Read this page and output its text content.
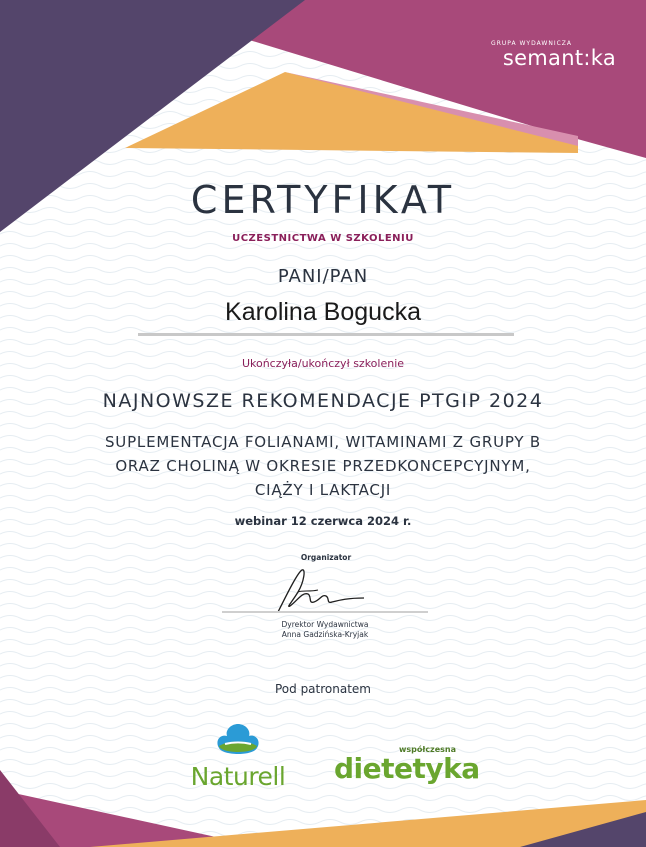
GRUPA WYDAWNICZA
semant:ka
CERTYFIKAT
UCZESTNICTWA W SZKOLENIU
PANI/PAN
Karolina Bogucka
Ukończyła/ukończył szkolenie
NAJNOWSZE REKOMENDACJE PTGIP 2024
SUPLEMENTACJA FOLIANAMI, WITAMINAMI Z GRUPY B
ORAZ CHOLINĄ W OKRESIE PRZEDKONCEPCYJNYM,
CIĄŻY I LAKTACJI
webinar 12 czerwca 2024 r.
Organizator
Dyrektor Wydawnictwa
Anna Gadzińska-Kryjak
Pod patronatem
Naturell
współczesna
dietetyka
